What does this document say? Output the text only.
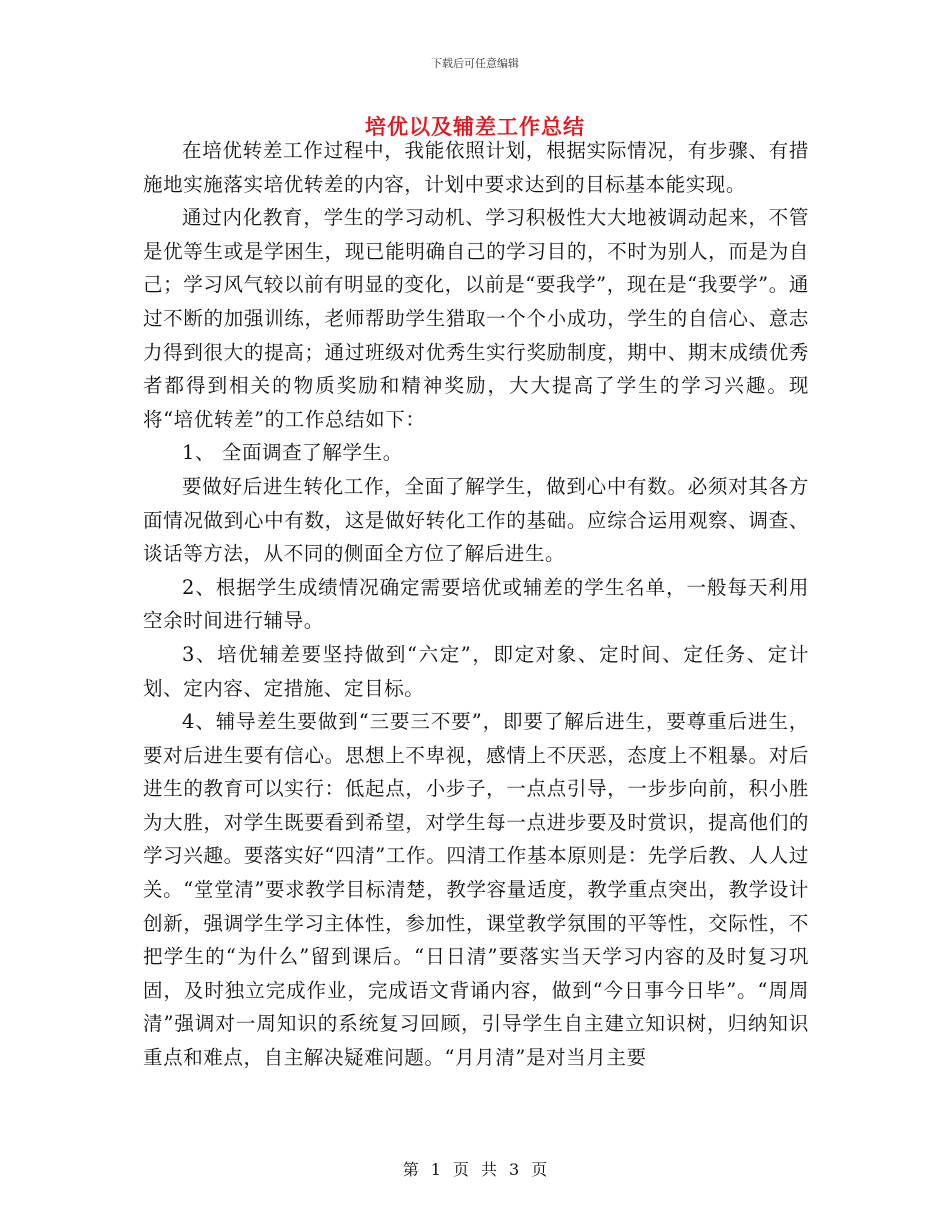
下载后可任意编辑
培优以及辅差工作总结

在培优转差工作过程中，我能依照计划，根据实际情况，有步骤、有措施地实施落实培优转差的内容，计划中要求达到的目标基本能实现。

通过内化教育，学生的学习动机、学习积极性大大地被调动起来，不管是优等生或是学困生，现已能明确自己的学习目的，不时为别人，而是为自己；学习风气较以前有明显的变化，以前是“要我学”，现在是“我要学”。通过不断的加强训练，老师帮助学生猎取一个个小成功，学生的自信心、意志力得到很大的提高；通过班级对优秀生实行奖励制度，期中、期末成绩优秀者都得到相关的物质奖励和精神奖励，大大提高了学生的学习兴趣。现将“培优转差”的工作总结如下：

1、 全面调查了解学生。

要做好后进生转化工作，全面了解学生，做到心中有数。必须对其各方面情况做到心中有数，这是做好转化工作的基础。应综合运用观察、调查、谈话等方法，从不同的侧面全方位了解后进生。

2、根据学生成绩情况确定需要培优或辅差的学生名单，一般每天利用空余时间进行辅导。

3、培优辅差要坚持做到“六定”，即定对象、定时间、定任务、定计划、定内容、定措施、定目标。

4、辅导差生要做到“三要三不要”，即要了解后进生，要尊重后进生，要对后进生要有信心。思想上不卑视，感情上不厌恶，态度上不粗暴。对后进生的教育可以实行：低起点，小步子，一点点引导，一步步向前，积小胜为大胜，对学生既要看到希望，对学生每一点进步要及时赏识，提高他们的学习兴趣。要落实好“四清”工作。四清工作基本原则是：先学后教、人人过关。“堂堂清”要求教学目标清楚，教学容量适度，教学重点突出，教学设计创新，强调学生学习主体性，参加性，课堂教学氛围的平等性，交际性，不把学生的“为什么”留到课后。“日日清”要落实当天学习内容的及时复习巩固，及时独立完成作业，完成语文背诵内容，做到“今日事今日毕”。“周周清”强调对一周知识的系统复习回顾，引导学生自主建立知识树，归纳知识重点和难点，自主解决疑难问题。“月月清”是对当月主要

第 1 页 共 3 页
